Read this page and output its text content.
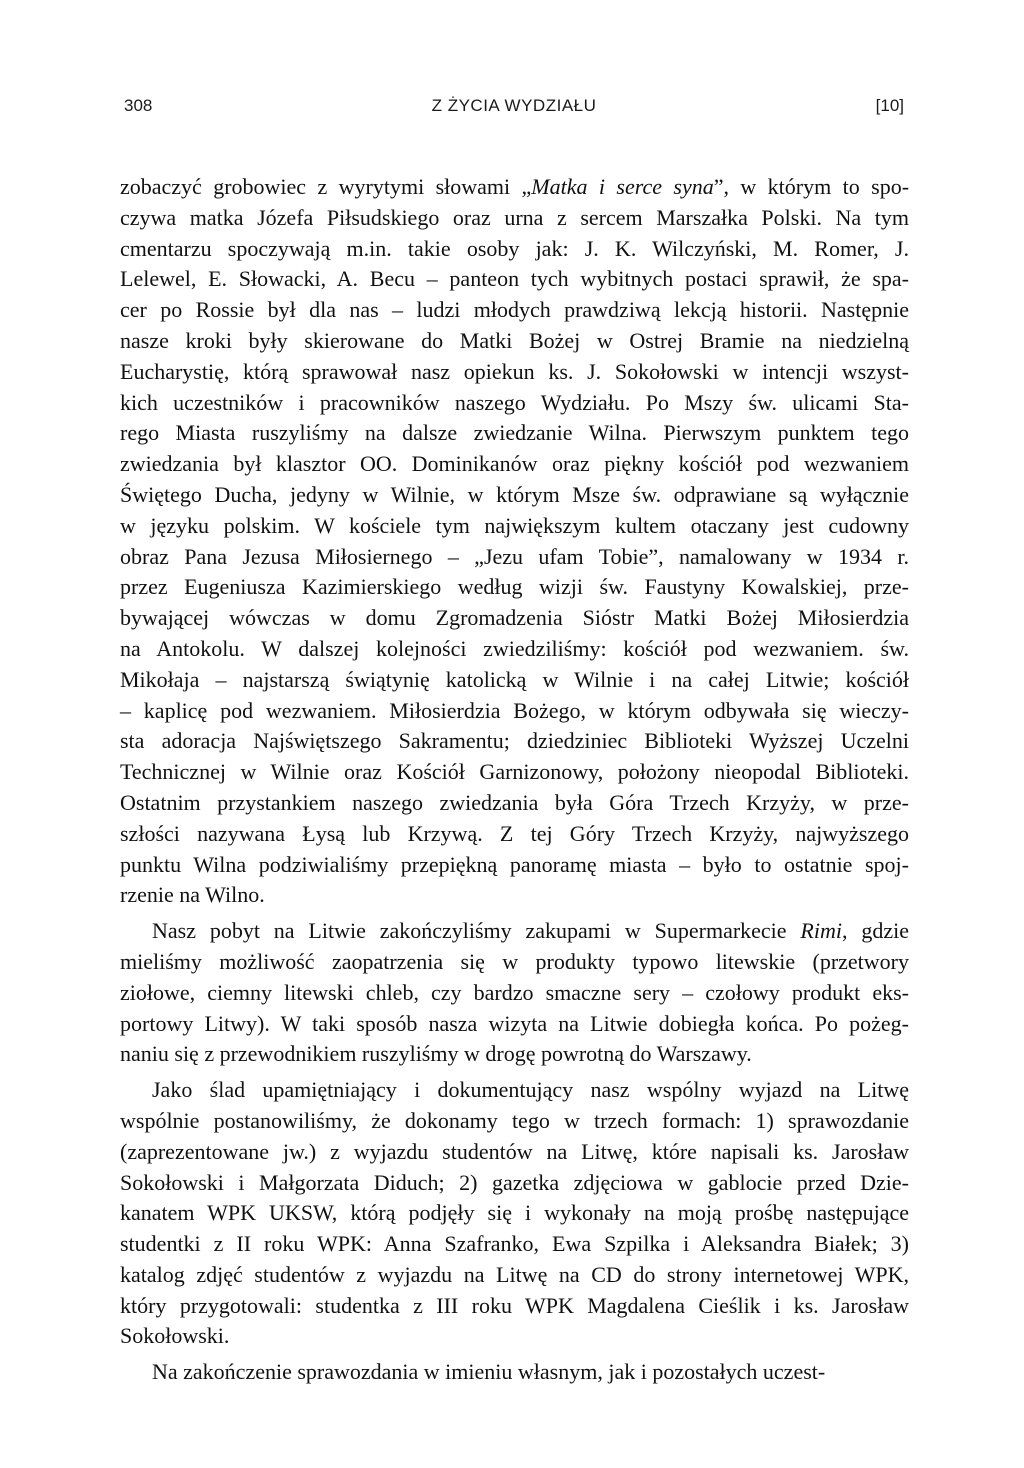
308	Z ŻYCIA WYDZIAŁU	[10]
zobaczyć grobowiec z wyrytymi słowami „Matka i serce syna”, w którym to spo-
czywa matka Józefa Piłsudskiego oraz urna z sercem Marszałka Polski. Na tym
cmentarzu spoczywają m.in. takie osoby jak: J. K. Wilczyński, M. Romer, J.
Lelewel, E. Słowacki, A. Becu – panteon tych wybitnych postaci sprawił, że spa-
cer po Rossie był dla nas – ludzi młodych prawdziwą lekcją historii. Następnie
nasze kroki były skierowane do Matki Bożej w Ostrej Bramie na niedzielną
Eucharystię, którą sprawował nasz opiekun ks. J. Sokołowski w intencji wszyst-
kich uczestników i pracowników naszego Wydziału. Po Mszy św. ulicami Sta-
rego Miasta ruszyliśmy na dalsze zwiedzanie Wilna. Pierwszym punktem tego
zwiedzania był klasztor OO. Dominikanów oraz piękny kościół pod wezwaniem
Świętego Ducha, jedyny w Wilnie, w którym Msze św. odprawiane są wyłącznie
w języku polskim. W kościele tym największym kultem otaczany jest cudowny
obraz Pana Jezusa Miłosiernego – „Jezu ufam Tobie”, namalowany w 1934 r.
przez Eugeniusza Kazimierskiego według wizji św. Faustyny Kowalskiej, prze-
bywającej wówczas w domu Zgromadzenia Sióstr Matki Bożej Miłosierdzia
na Antokolu. W dalszej kolejności zwiedziliśmy: kościół pod wezwaniem. św.
Mikołaja – najstarszą świątynię katolicką w Wilnie i na całej Litwie; kościół
– kaplicę pod wezwaniem. Miłosierdzia Bożego, w którym odbywała się wieczy-
sta adoracja Najświętszego Sakramentu; dziedziniec Biblioteki Wyższej Uczelni
Technicznej w Wilnie oraz Kościół Garnizonowy, położony nieopodal Biblioteki.
Ostatnim przystankiem naszego zwiedzania była Góra Trzech Krzyży, w prze-
szłości nazywana Łysą lub Krzywą. Z tej Góry Trzech Krzyży, najwyższego
punktu Wilna podziwialiśmy przepiękną panoramę miasta – było to ostatnie spoj-
rzenie na Wilno.
Nasz pobyt na Litwie zakończyliśmy zakupami w Supermarkecie Rimi, gdzie
mieliśmy możliwość zaopatrzenia się w produkty typowo litewskie (przetwory
ziołowe, ciemny litewski chleb, czy bardzo smaczne sery – czołowy produkt eks-
portowy Litwy). W taki sposób nasza wizyta na Litwie dobiegła końca. Po pożeg-
naniu się z przewodnikiem ruszyliśmy w drogę powrotną do Warszawy.
Jako ślad upamiętniający i dokumentujący nasz wspólny wyjazd na Litwę
wspólnie postanowiliśmy, że dokonamy tego w trzech formach: 1) sprawozdanie
(zaprezentowane jw.) z wyjazdu studentów na Litwę, które napisali ks. Jarosław
Sokołowski i Małgorzata Diduch; 2) gazetka zdjęciowa w gablocie przed Dzie-
kanatem WPK UKSW, którą podjęły się i wykonały na moją prośbę następujące
studentki z II roku WPK: Anna Szafranko, Ewa Szpilka i Aleksandra Białek; 3)
katalog zdjęć studentów z wyjazdu na Litwę na CD do strony internetowej WPK,
który przygotowali: studentka z III roku WPK Magdalena Cieślik i ks. Jarosław
Sokołowski.
Na zakończenie sprawozdania w imieniu własnym, jak i pozostałych uczest-
